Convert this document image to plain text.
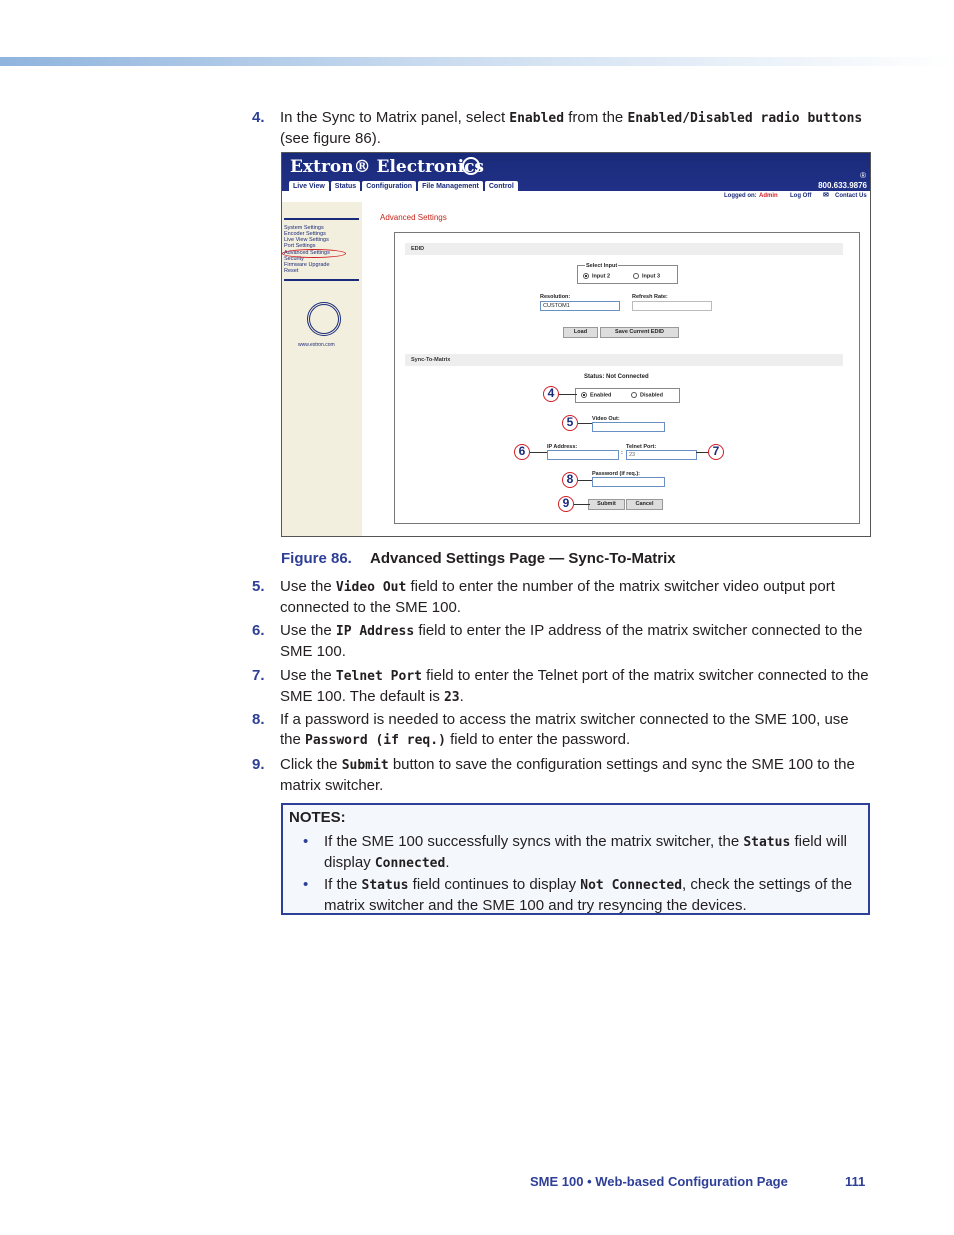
4. In the Sync to Matrix panel, select Enabled from the Enabled/Disabled radio buttons (see figure 86).
Extron® Electronics	®
Live View	Status	Configuration	File Management	Control	800.633.9876
Logged on: Admin Log Off ✉ Contact Us
System Settings
Encoder Settings
Live View Settings
Port Settings
Advanced Settings
Security
Firmware Upgrade
Reset
www.extron.com
Advanced Settings
EDID
Select Input
Input 2	Input 3
Resolution:
CUSTOM1
Refresh Rate:
Load	Save Current EDID
Sync-To-Matrix
Status: Not Connected
Enabled	Disabled
Video Out:
IP Address:
:
Telnet Port:
23
Password (if req.):
Submit	Cancel
4
5
6	7
8
9
Figure 86. Advanced Settings Page — Sync-To-Matrix
5. Use the Video Out field to enter the number of the matrix switcher video output port connected to the SME 100.
6. Use the IP Address field to enter the IP address of the matrix switcher connected to the SME 100.
7. Use the Telnet Port field to enter the Telnet port of the matrix switcher connected to the SME 100. The default is 23.
8. If a password is needed to access the matrix switcher connected to the SME 100, use the Password (if req.) field to enter the password.
9. Click the Submit button to save the configuration settings and sync the SME 100 to the matrix switcher.
NOTES:
• If the SME 100 successfully syncs with the matrix switcher, the Status field will display Connected.
• If the Status field continues to display Not Connected, check the settings of the matrix switcher and the SME 100 and try resyncing the devices.
SME 100 • Web-based Configuration Page	111
